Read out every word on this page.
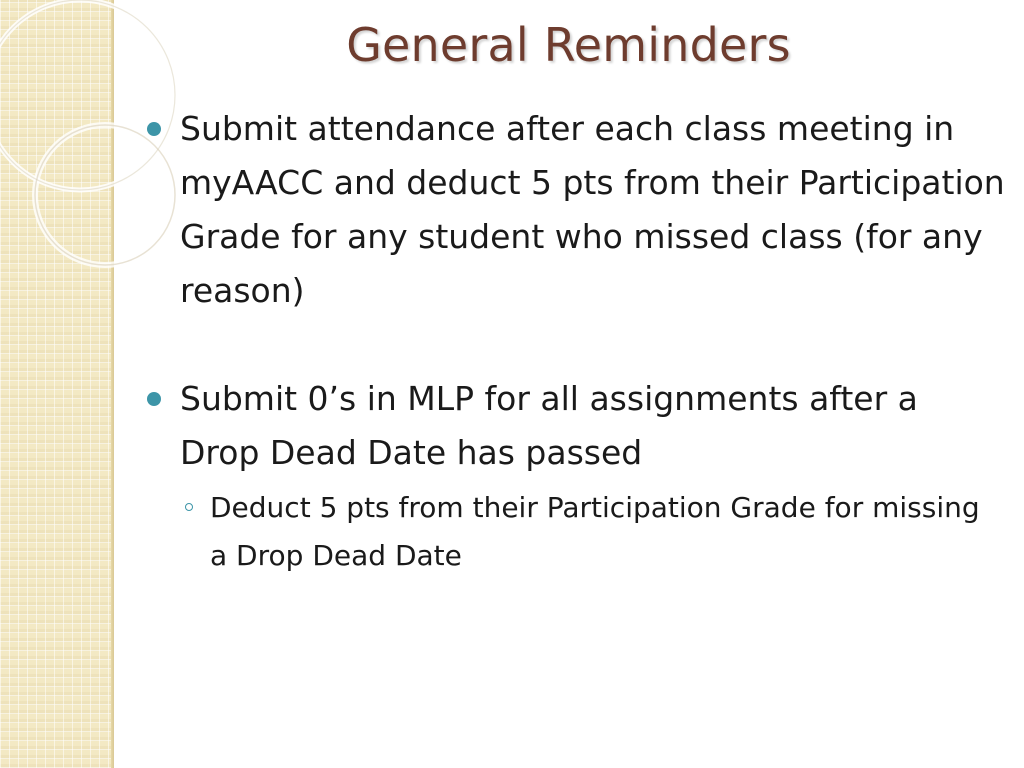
General Reminders
Submit attendance after each class meeting in myAACC and deduct 5 pts from their Participation Grade for any student who missed class (for any reason)
Submit 0’s in MLP for all assignments after a Drop Dead Date has passed
Deduct 5 pts from their Participation Grade for missing a Drop Dead Date
